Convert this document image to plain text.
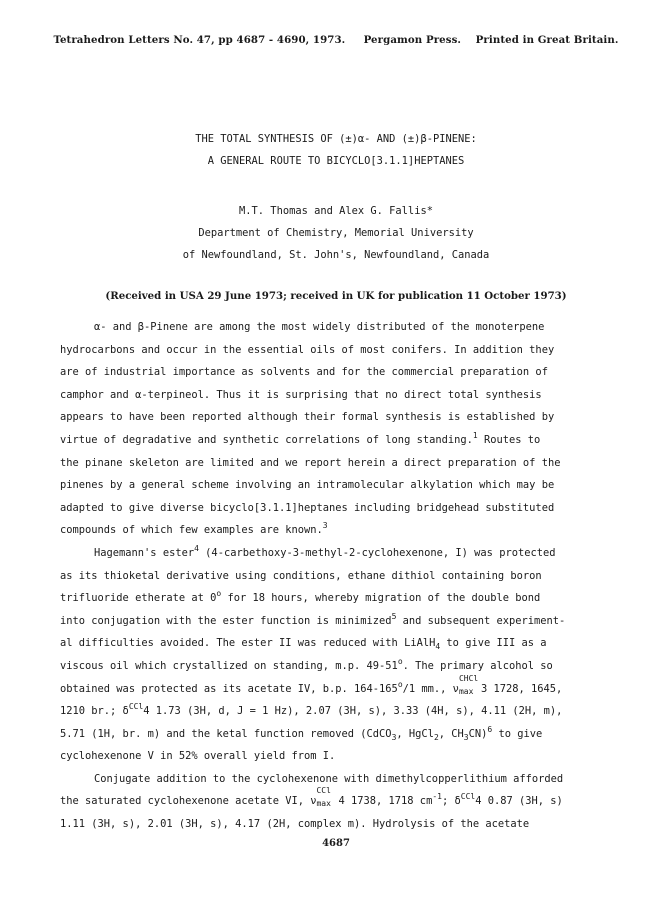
Tetrahedron Letters No. 47, pp 4687 - 4690, 1973. Pergamon Press. Printed in Great Britain.
THE TOTAL SYNTHESIS OF (±)α- AND (±)β-PINENE:
A GENERAL ROUTE TO BICYCLO[3.1.1]HEPTANES
M.T. Thomas and Alex G. Fallis*
Department of Chemistry, Memorial University
of Newfoundland, St. John's, Newfoundland, Canada
(Received in USA 29 June 1973; received in UK for publication 11 October 1973)
α- and β-Pinene are among the most widely distributed of the monoterpene
hydrocarbons and occur in the essential oils of most conifers. In addition they
are of industrial importance as solvents and for the commercial preparation of
camphor and α-terpineol. Thus it is surprising that no direct total synthesis
appears to have been reported although their formal synthesis is established by
virtue of degradative and synthetic correlations of long standing.$^1$ Routes to
the pinane skeleton are limited and we report herein a direct preparation of the
pinenes by a general scheme involving an intramolecular alkylation which may be
adapted to give diverse bicyclo[3.1.1]heptanes including bridgehead substituted
compounds of which few examples are known.$^3$
Hagemann's ester$^4$ (4-carbethoxy-3-methyl-2-cyclohexenone, I) was protected
as its thioketal derivative using conditions, ethane dithiol containing boron
trifluoride etherate at 0$^o$ for 18 hours, whereby migration of the double bond
into conjugation with the ester function is minimized$^5$ and subsequent experiment-
al difficulties avoided. The ester II was reduced with LiAlH$_4$ to give III as a
viscous oil which crystallized on standing, m.p. 49-51$^o$. The primary alcohol so
obtained was protected as its acetate IV, b.p. 164-165$^o$/1 mm., ν
CHCl
max 3 1728, 1645,
1210 br.; $\delta^{CCl}4$ 1.73 (3H, d, J = 1 Hz), 2.07 (3H, s), 3.33 (4H, s), 4.11 (2H, m),
5.71 (1H, br. m) and the ketal function removed (CdCO$_3$, HgCl$_2$, $CH_3CN)^6$ to give
cyclohexenone V in 52% overall yield from I.
Conjugate addition to the cyclohexenone with dimethylcopperlithium afforded
the saturated cyclohexenone acetate VI, ν
CCl
max 4 1738, 1718 $cm^{-1}$; $\delta^{CCl}4$ 0.87 (3H, s)
1.11 (3H, s), 2.01 (3H, s), 4.17 (2H, complex m). Hydrolysis of the acetate
4687
